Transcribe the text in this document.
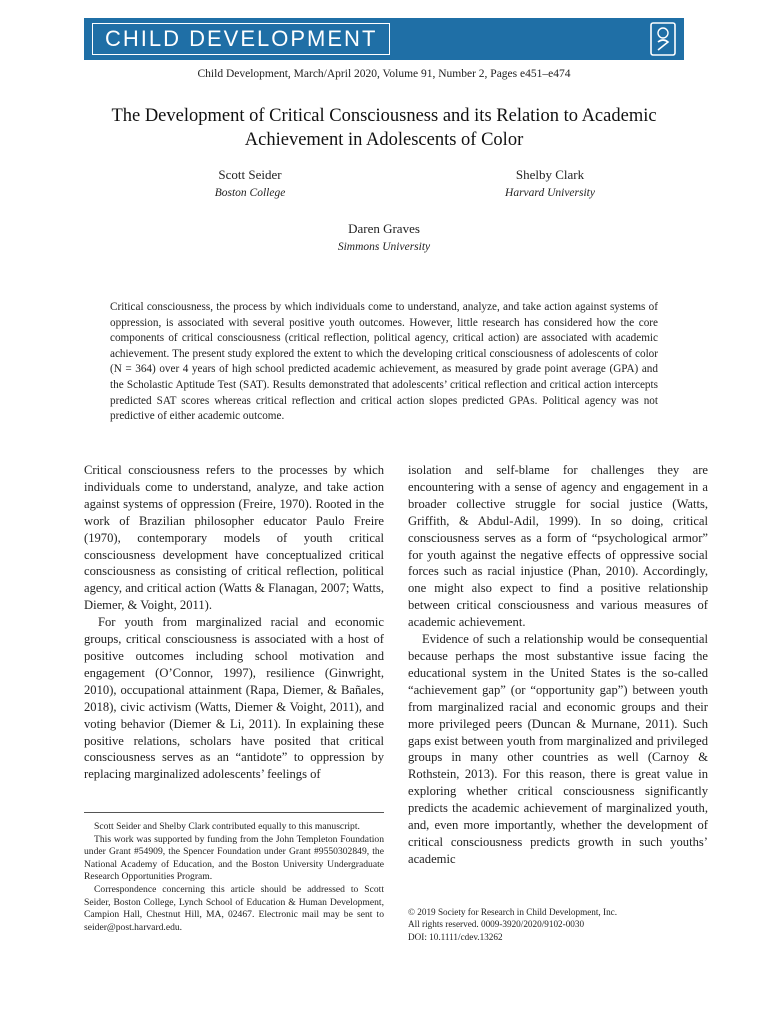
CHILD DEVELOPMENT
Child Development, March/April 2020, Volume 91, Number 2, Pages e451–e474
The Development of Critical Consciousness and its Relation to Academic Achievement in Adolescents of Color
Scott Seider
Boston College
Shelby Clark
Harvard University
Daren Graves
Simmons University

Critical consciousness, the process by which individuals come to understand, analyze, and take action against systems of oppression, is associated with several positive youth outcomes. However, little research has considered how the core components of critical consciousness (critical reflection, political agency, critical action) are associated with academic achievement. The present study explored the extent to which the developing critical consciousness of adolescents of color (N = 364) over 4 years of high school predicted academic achievement, as measured by grade point average (GPA) and the Scholastic Aptitude Test (SAT). Results demonstrated that adolescents’ critical reflection and critical action intercepts predicted SAT scores whereas critical reflection and critical action slopes predicted GPAs. Political agency was not predictive of either academic outcome.

Critical consciousness refers to the processes by which individuals come to understand, analyze, and take action against systems of oppression (Freire, 1970). Rooted in the work of Brazilian philosopher educator Paulo Freire (1970), contemporary models of youth critical consciousness development have conceptualized critical consciousness as consisting of critical reflection, political agency, and critical action (Watts & Flanagan, 2007; Watts, Diemer, & Voight, 2011).

For youth from marginalized racial and economic groups, critical consciousness is associated with a host of positive outcomes including school motivation and engagement (O’Connor, 1997), resilience (Ginwright, 2010), occupational attainment (Rapa, Diemer, & Bañales, 2018), civic activism (Watts, Diemer & Voight, 2011), and voting behavior (Diemer & Li, 2011). In explaining these positive relations, scholars have posited that critical consciousness serves as an “antidote” to oppression by replacing marginalized adolescents’ feelings of

isolation and self-blame for challenges they are encountering with a sense of agency and engagement in a broader collective struggle for social justice (Watts, Griffith, & Abdul-Adil, 1999). In so doing, critical consciousness serves as a form of “psychological armor” for youth against the negative effects of oppressive social forces such as racial injustice (Phan, 2010). Accordingly, one might also expect to find a positive relationship between critical consciousness and various measures of academic achievement.

Evidence of such a relationship would be consequential because perhaps the most substantive issue facing the educational system in the United States is the so-called “achievement gap” (or “opportunity gap”) between youth from marginalized racial and economic groups and their more privileged peers (Duncan & Murnane, 2011). Such gaps exist between youth from marginalized and privileged groups in many other countries as well (Carnoy & Rothstein, 2013). For this reason, there is great value in exploring whether critical consciousness significantly predicts the academic achievement of marginalized youth, and, even more importantly, whether the development of critical consciousness predicts growth in such youths’ academic

Scott Seider and Shelby Clark contributed equally to this manuscript.

This work was supported by funding from the John Templeton Foundation under Grant #54909, the Spencer Foundation under Grant #9550302849, the National Academy of Education, and the Boston University Undergraduate Research Opportunities Program.

Correspondence concerning this article should be addressed to Scott Seider, Boston College, Lynch School of Education & Human Development, Campion Hall, Chestnut Hill, MA, 02467. Electronic mail may be sent to seider@post.harvard.edu.

© 2019 Society for Research in Child Development, Inc.
All rights reserved. 0009-3920/2020/9102-0030
DOI: 10.1111/cdev.13262
